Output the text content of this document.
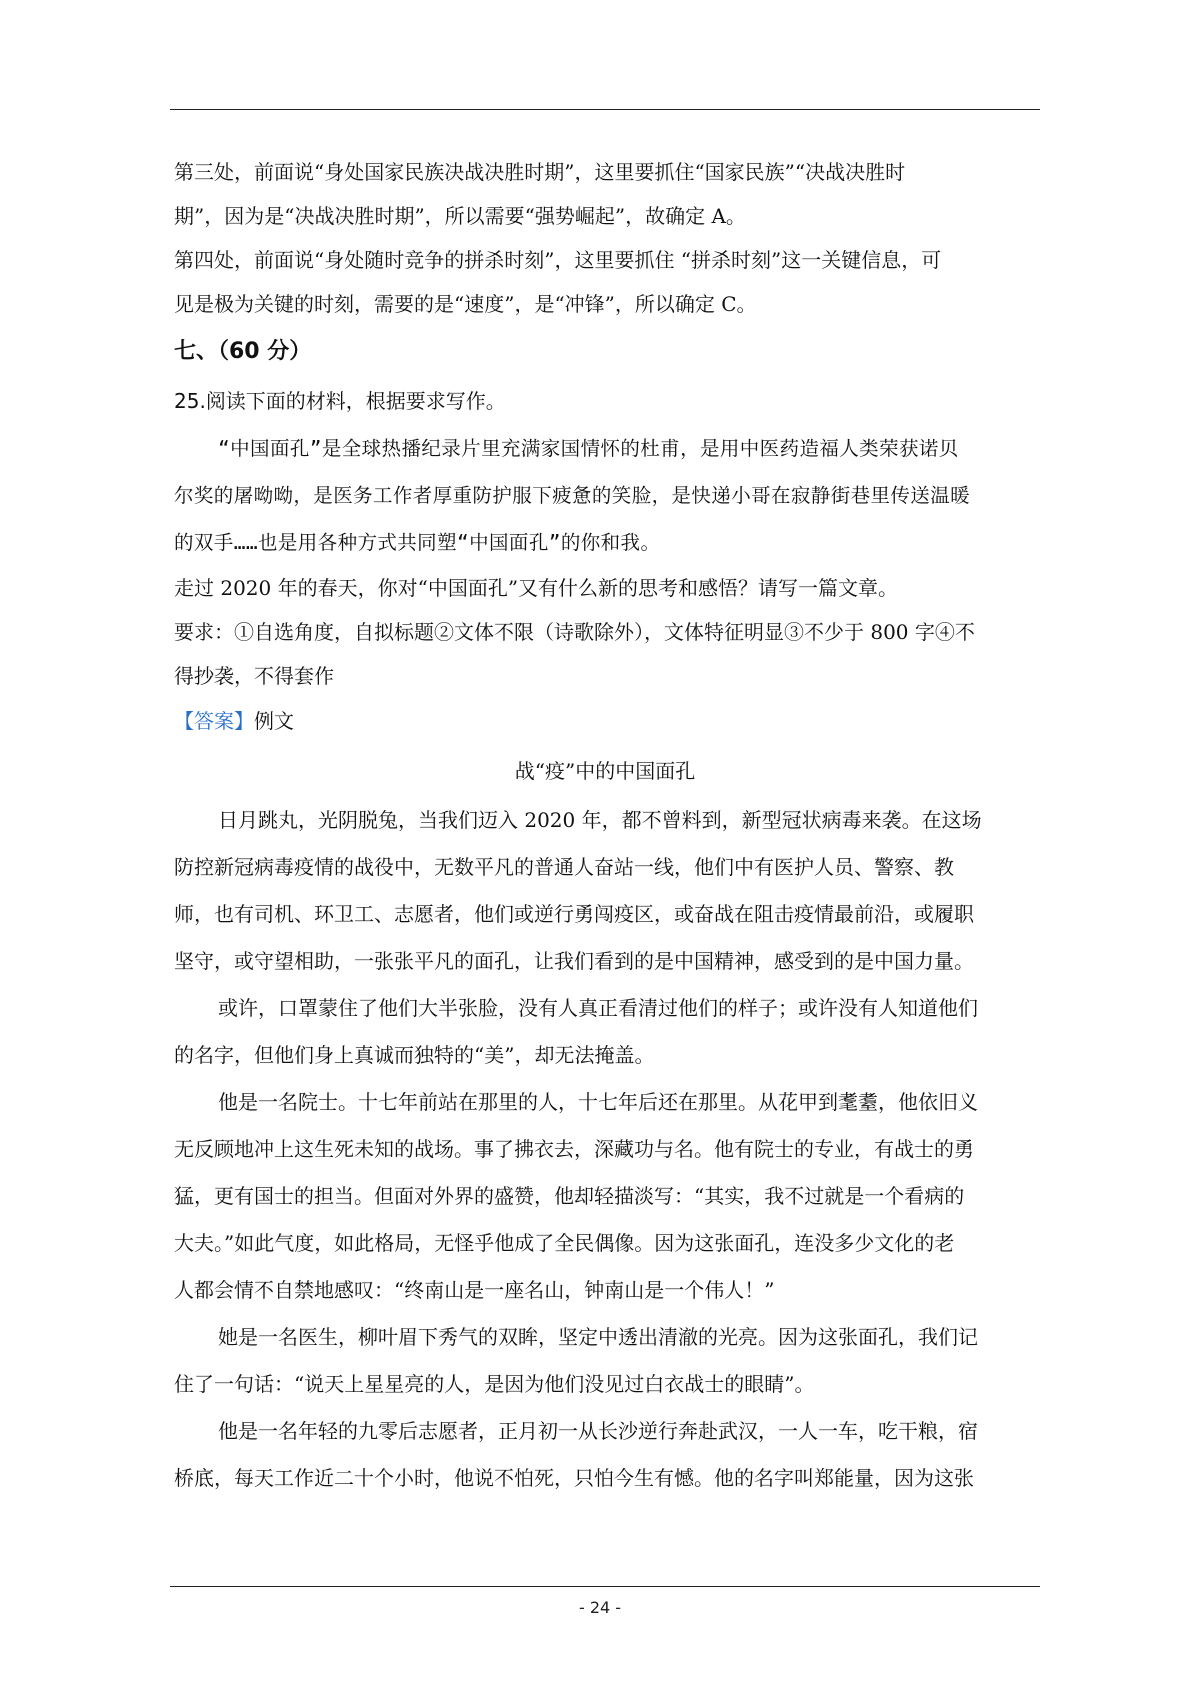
第三处，前面说“身处国家民族决战决胜时期”，这里要抓住“国家民族”“决战决胜时
期”，因为是“决战决胜时期”，所以需要“强势崛起”，故确定 A。
第四处，前面说“身处随时竞争的拼杀时刻”，这里要抓住 “拼杀时刻”这一关键信息，可
见是极为关键的时刻，需要的是“速度”，是“冲锋”，所以确定 C。
七、（60 分）
25.阅读下面的材料，根据要求写作。
“中国面孔”是全球热播纪录片里充满家国情怀的杜甫，是用中医药造福人类荣获诺贝
尔奖的屠呦呦，是医务工作者厚重防护服下疲惫的笑脸，是快递小哥在寂静街巷里传送温暖
的双手……也是用各种方式共同塑“中国面孔”的你和我。
走过 2020 年的春天，你对“中国面孔”又有什么新的思考和感悟？请写一篇文章。
要求：①自选角度，自拟标题②文体不限（诗歌除外），文体特征明显③不少于 800 字④不
得抄袭，不得套作
【答案】例文
战“疫”中的中国面孔
日月跳丸，光阴脱兔，当我们迈入 2020 年，都不曾料到，新型冠状病毒来袭。在这场
防控新冠病毒疫情的战役中，无数平凡的普通人奋站一线，他们中有医护人员、警察、教
师，也有司机、环卫工、志愿者，他们或逆行勇闯疫区，或奋战在阻击疫情最前沿，或履职
坚守，或守望相助，一张张平凡的面孔，让我们看到的是中国精神，感受到的是中国力量。
或许，口罩蒙住了他们大半张脸，没有人真正看清过他们的样子；或许没有人知道他们
的名字，但他们身上真诚而独特的“美”，却无法掩盖。
他是一名院士。十七年前站在那里的人，十七年后还在那里。从花甲到耄耋，他依旧义
无反顾地冲上这生死未知的战场。事了拂衣去，深藏功与名。他有院士的专业，有战士的勇
猛，更有国士的担当。但面对外界的盛赞，他却轻描淡写：“其实，我不过就是一个看病的
大夫。”如此气度，如此格局，无怪乎他成了全民偶像。因为这张面孔，连没多少文化的老
人都会情不自禁地感叹：“终南山是一座名山，钟南山是一个伟人！”
她是一名医生，柳叶眉下秀气的双眸，坚定中透出清澈的光亮。因为这张面孔，我们记
住了一句话：“说天上星星亮的人，是因为他们没见过白衣战士的眼睛”。
他是一名年轻的九零后志愿者，正月初一从长沙逆行奔赴武汉，一人一车，吃干粮，宿
桥底，每天工作近二十个小时，他说不怕死，只怕今生有憾。他的名字叫郑能量，因为这张
- 24 -
